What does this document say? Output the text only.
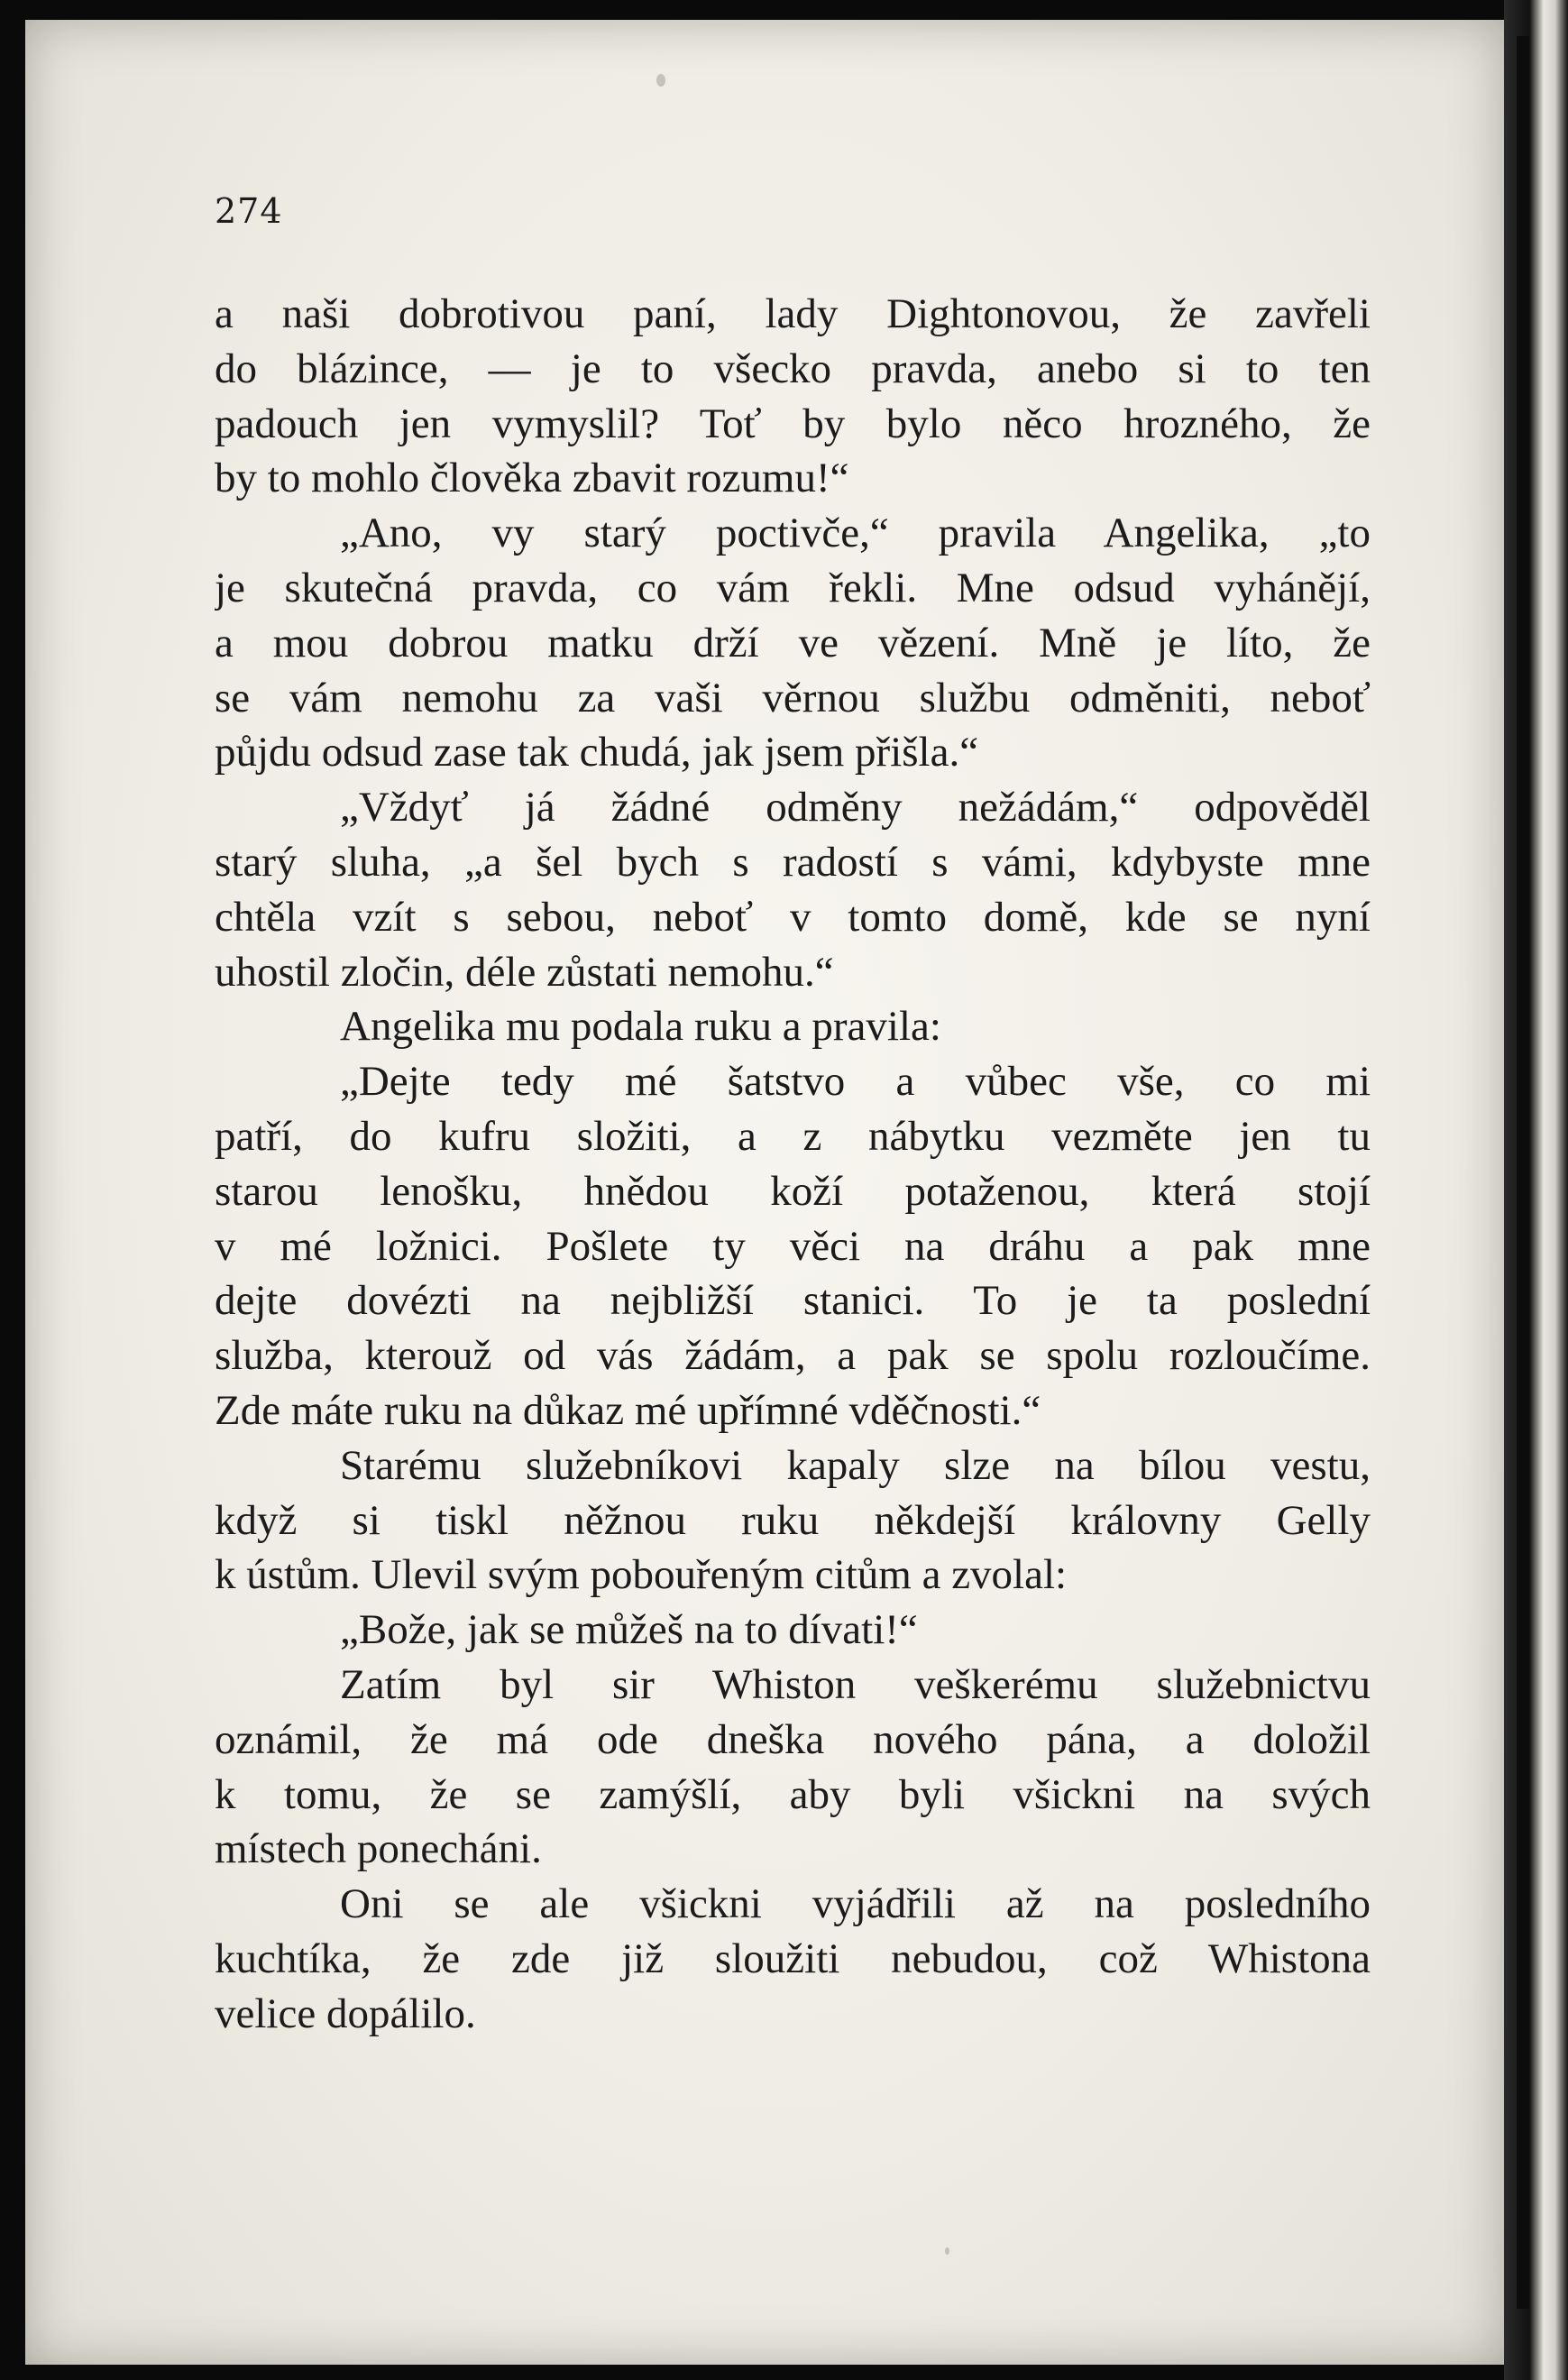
274
a naši dobrotivou paní, lady Dightonovou, že zavřeli
do blázince, — je to všecko pravda, anebo si to ten
padouch jen vymyslil? Toť by bylo něco hrozného, že
by to mohlo člověka zbavit rozumu!“
„Ano, vy starý poctivče,“ pravila Angelika, „to
je skutečná pravda, co vám řekli. Mne odsud vyhánějí,
a mou dobrou matku drží ve vězení. Mně je líto, že
se vám nemohu za vaši věrnou službu odměniti, neboť
půjdu odsud zase tak chudá, jak jsem přišla.“
„Vždyť já žádné odměny nežádám,“ odpověděl
starý sluha, „a šel bych s radostí s vámi, kdybyste mne
chtěla vzít s sebou, neboť v tomto domě, kde se nyní
uhostil zločin, déle zůstati nemohu.“
Angelika mu podala ruku a pravila:
„Dejte tedy mé šatstvo a vůbec vše, co mi
patří, do kufru složiti, a z nábytku vezměte jen tu
starou lenošku, hnědou koží potaženou, která stojí
v mé ložnici. Pošlete ty věci na dráhu a pak mne
dejte dovézti na nejbližší stanici. To je ta poslední
služba, kterouž od vás žádám, a pak se spolu rozloučíme.
Zde máte ruku na důkaz mé upřímné vděčnosti.“
Starému služebníkovi kapaly slze na bílou vestu,
když si tiskl něžnou ruku někdejší královny Gelly
k ústům. Ulevil svým pobouřeným citům a zvolal:
„Bože, jak se můžeš na to dívati!“
Zatím byl sir Whiston veškerému služebnictvu
oznámil, že má ode dneška nového pána, a doložil
k tomu, že se zamýšlí, aby byli všickni na svých
místech ponecháni.
Oni se ale všickni vyjádřili až na posledního
kuchtíka, že zde již sloužiti nebudou, což Whistona
velice dopálilo.
